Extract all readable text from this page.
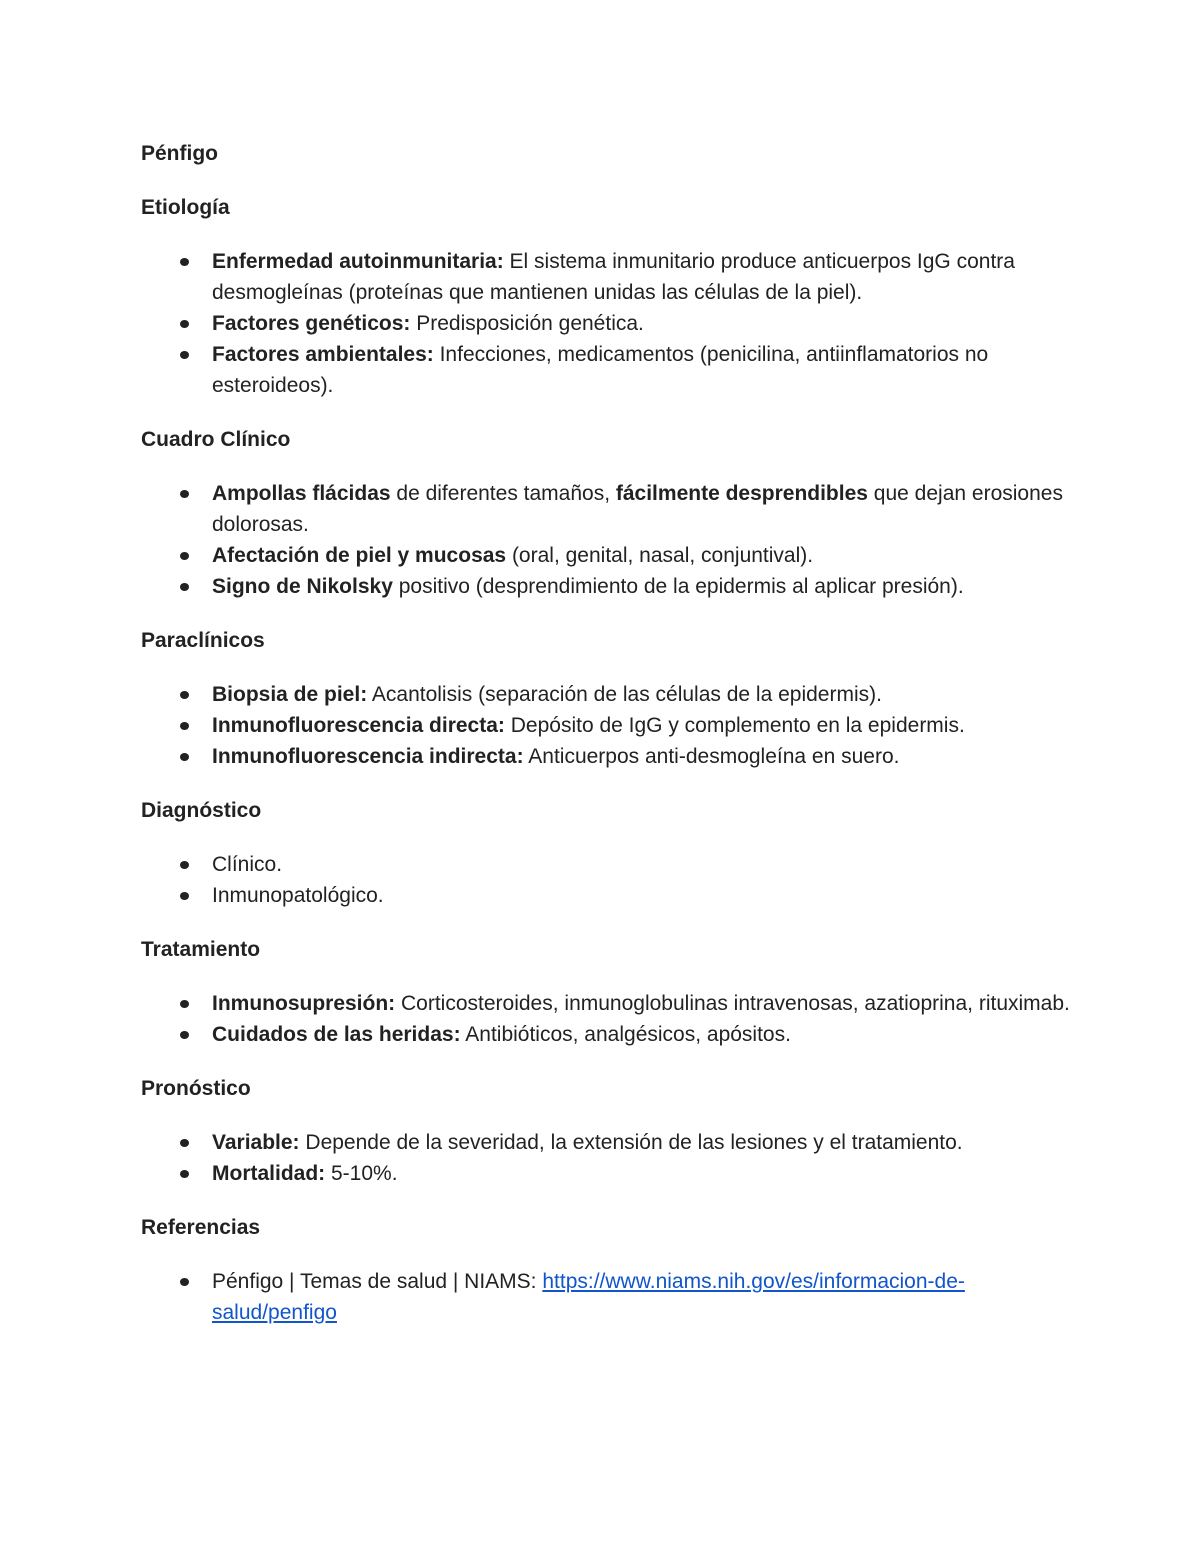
Pénfigo

Etiología

Enfermedad autoinmunitaria: El sistema inmunitario produce anticuerpos IgG contra desmogleínas (proteínas que mantienen unidas las células de la piel).
Factores genéticos: Predisposición genética.
Factores ambientales: Infecciones, medicamentos (penicilina, antiinflamatorios no esteroideos).

Cuadro Clínico

Ampollas flácidas de diferentes tamaños, fácilmente desprendibles que dejan erosiones dolorosas.
Afectación de piel y mucosas (oral, genital, nasal, conjuntival).
Signo de Nikolsky positivo (desprendimiento de la epidermis al aplicar presión).

Paraclínicos

Biopsia de piel: Acantolisis (separación de las células de la epidermis).
Inmunofluorescencia directa: Depósito de IgG y complemento en la epidermis.
Inmunofluorescencia indirecta: Anticuerpos anti-desmogleína en suero.

Diagnóstico

Clínico.
Inmunopatológico.

Tratamiento

Inmunosupresión: Corticosteroides, inmunoglobulinas intravenosas, azatioprina, rituximab.
Cuidados de las heridas: Antibióticos, analgésicos, apósitos.

Pronóstico

Variable: Depende de la severidad, la extensión de las lesiones y el tratamiento.
Mortalidad: 5-10%.

Referencias

Pénfigo | Temas de salud | NIAMS: https://www.niams.nih.gov/es/informacion-de-salud/penfigo
